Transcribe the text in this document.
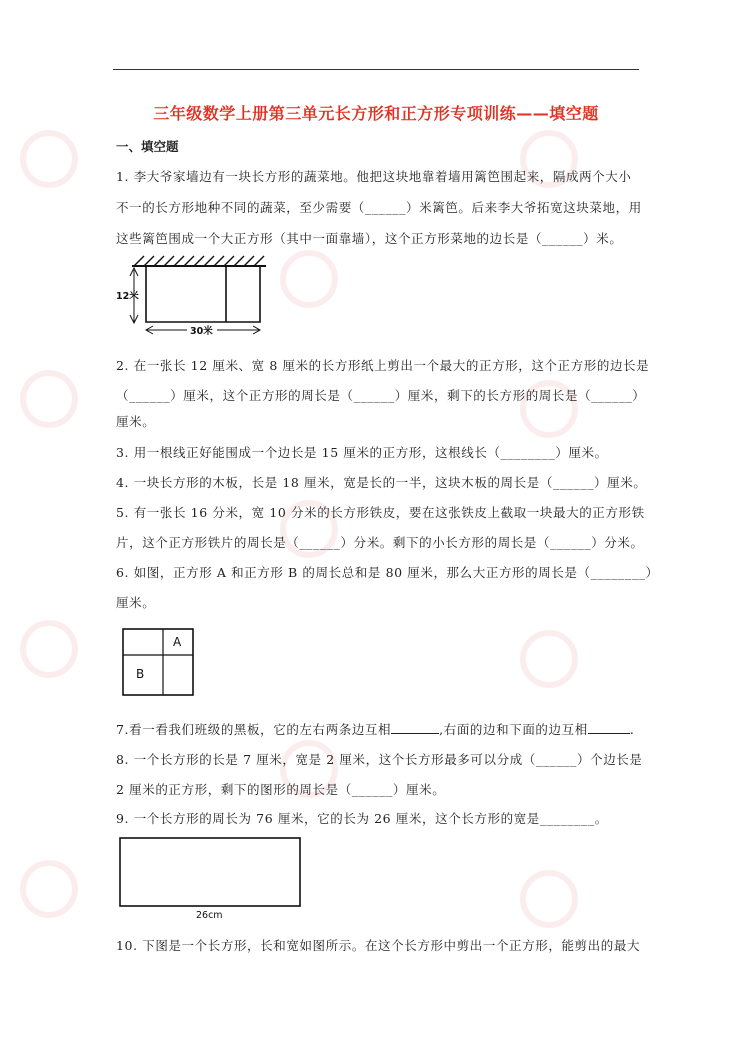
三年级数学上册第三单元长方形和正方形专项训练——填空题
一、填空题
1. 李大爷家墙边有一块长方形的蔬菜地。他把这块地靠着墙用篱笆围起来，隔成两个大小
不一的长方形地种不同的蔬菜，至少需要（______）米篱笆。后来李大爷拓宽这块菜地，用
这些篱笆围成一个大正方形（其中一面靠墙），这个正方形菜地的边长是（______）米。
12米
30米
2. 在一张长 12 厘米、宽 8 厘米的长方形纸上剪出一个最大的正方形，这个正方形的边长是
（______）厘米，这个正方形的周长是（______）厘米，剩下的长方形的周长是（______）
厘米。
3. 用一根线正好能围成一个边长是 15 厘米的正方形，这根线长（________）厘米。
4. 一块长方形的木板，长是 18 厘米，宽是长的一半，这块木板的周长是（______）厘米。
5. 有一张长 16 分米，宽 10 分米的长方形铁皮，要在这张铁皮上截取一块最大的正方形铁
片，这个正方形铁片的周长是（______）分米。剩下的小长方形的周长是（______）分米。
6. 如图，正方形 A 和正方形 B 的周长总和是 80 厘米，那么大正方形的周长是（________）
厘米。
A
B
7.看一看我们班级的黑板，它的左右两条边互相	,右面的边和下面的边互相	.
8. 一个长方形的长是 7 厘米，宽是 2 厘米，这个长方形最多可以分成（______）个边长是
2 厘米的正方形，剩下的图形的周长是（______）厘米。
9. 一个长方形的周长为 76 厘米，它的长为 26 厘米，这个长方形的宽是________。
26cm
10. 下图是一个长方形，长和宽如图所示。在这个长方形中剪出一个正方形，能剪出的最大
